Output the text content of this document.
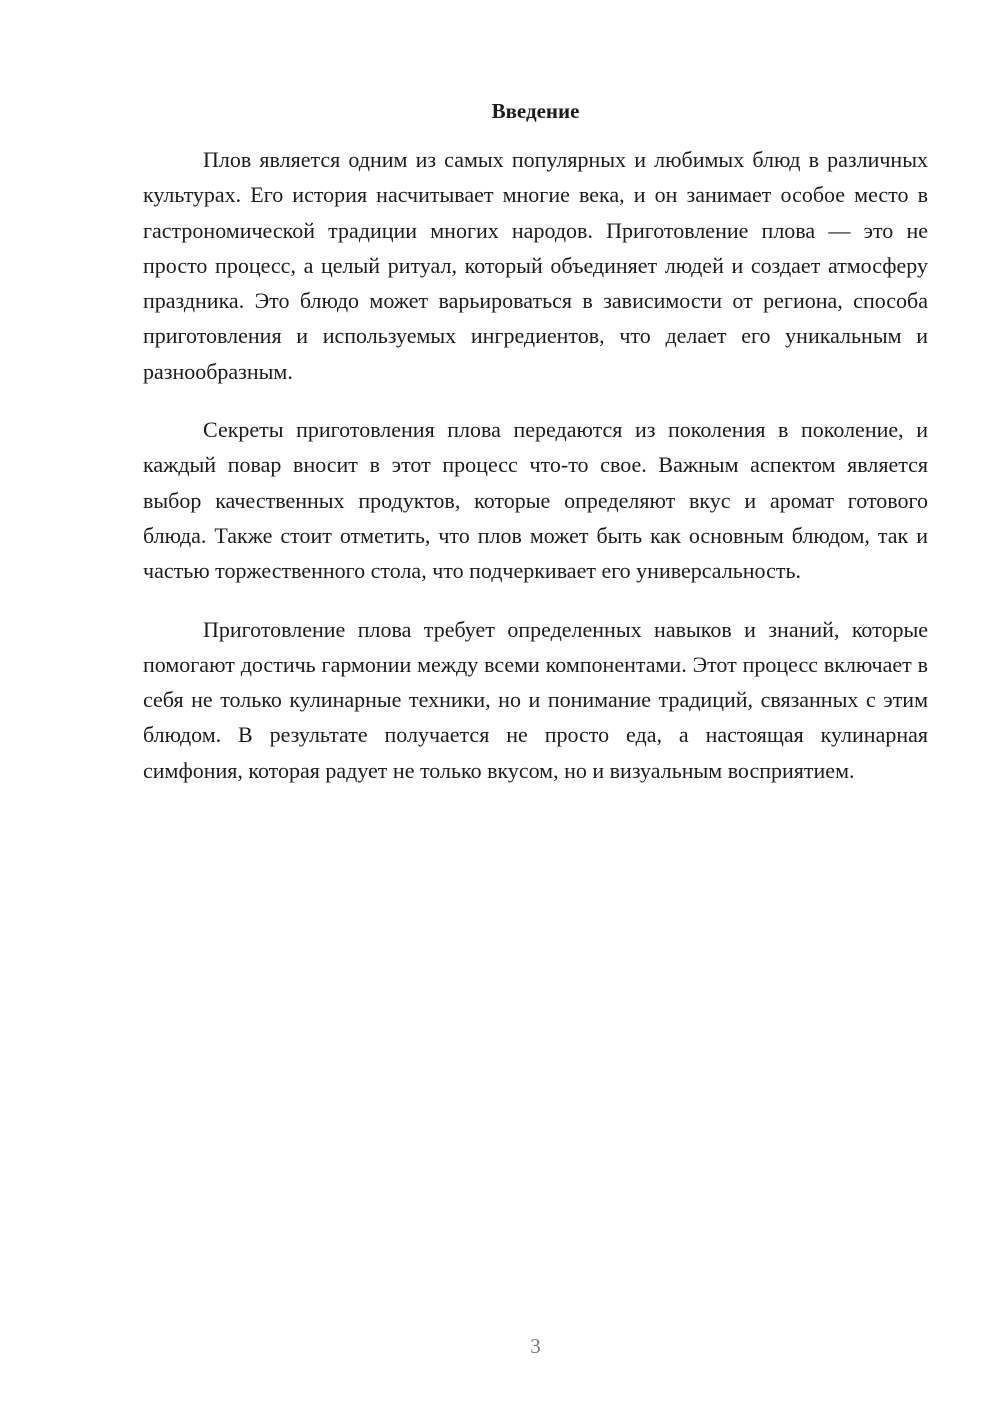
Введение

Плов является одним из самых популярных и любимых блюд в различных культурах. Его история насчитывает многие века, и он занимает особое место в гастрономической традиции многих народов. Приготовление плова — это не просто процесс, а целый ритуал, который объединяет людей и создает атмосферу праздника. Это блюдо может варьироваться в зависимости от региона, способа приготовления и используемых ингредиентов, что делает его уникальным и разнообразным.

Секреты приготовления плова передаются из поколения в поколение, и каждый повар вносит в этот процесс что-то свое. Важным аспектом является выбор качественных продуктов, которые определяют вкус и аромат готового блюда. Также стоит отметить, что плов может быть как основным блюдом, так и частью торжественного стола, что подчеркивает его универсальность.

Приготовление плова требует определенных навыков и знаний, которые помогают достичь гармонии между всеми компонентами. Этот процесс включает в себя не только кулинарные техники, но и понимание традиций, связанных с этим блюдом. В результате получается не просто еда, а настоящая кулинарная симфония, которая радует не только вкусом, но и визуальным восприятием.

3
